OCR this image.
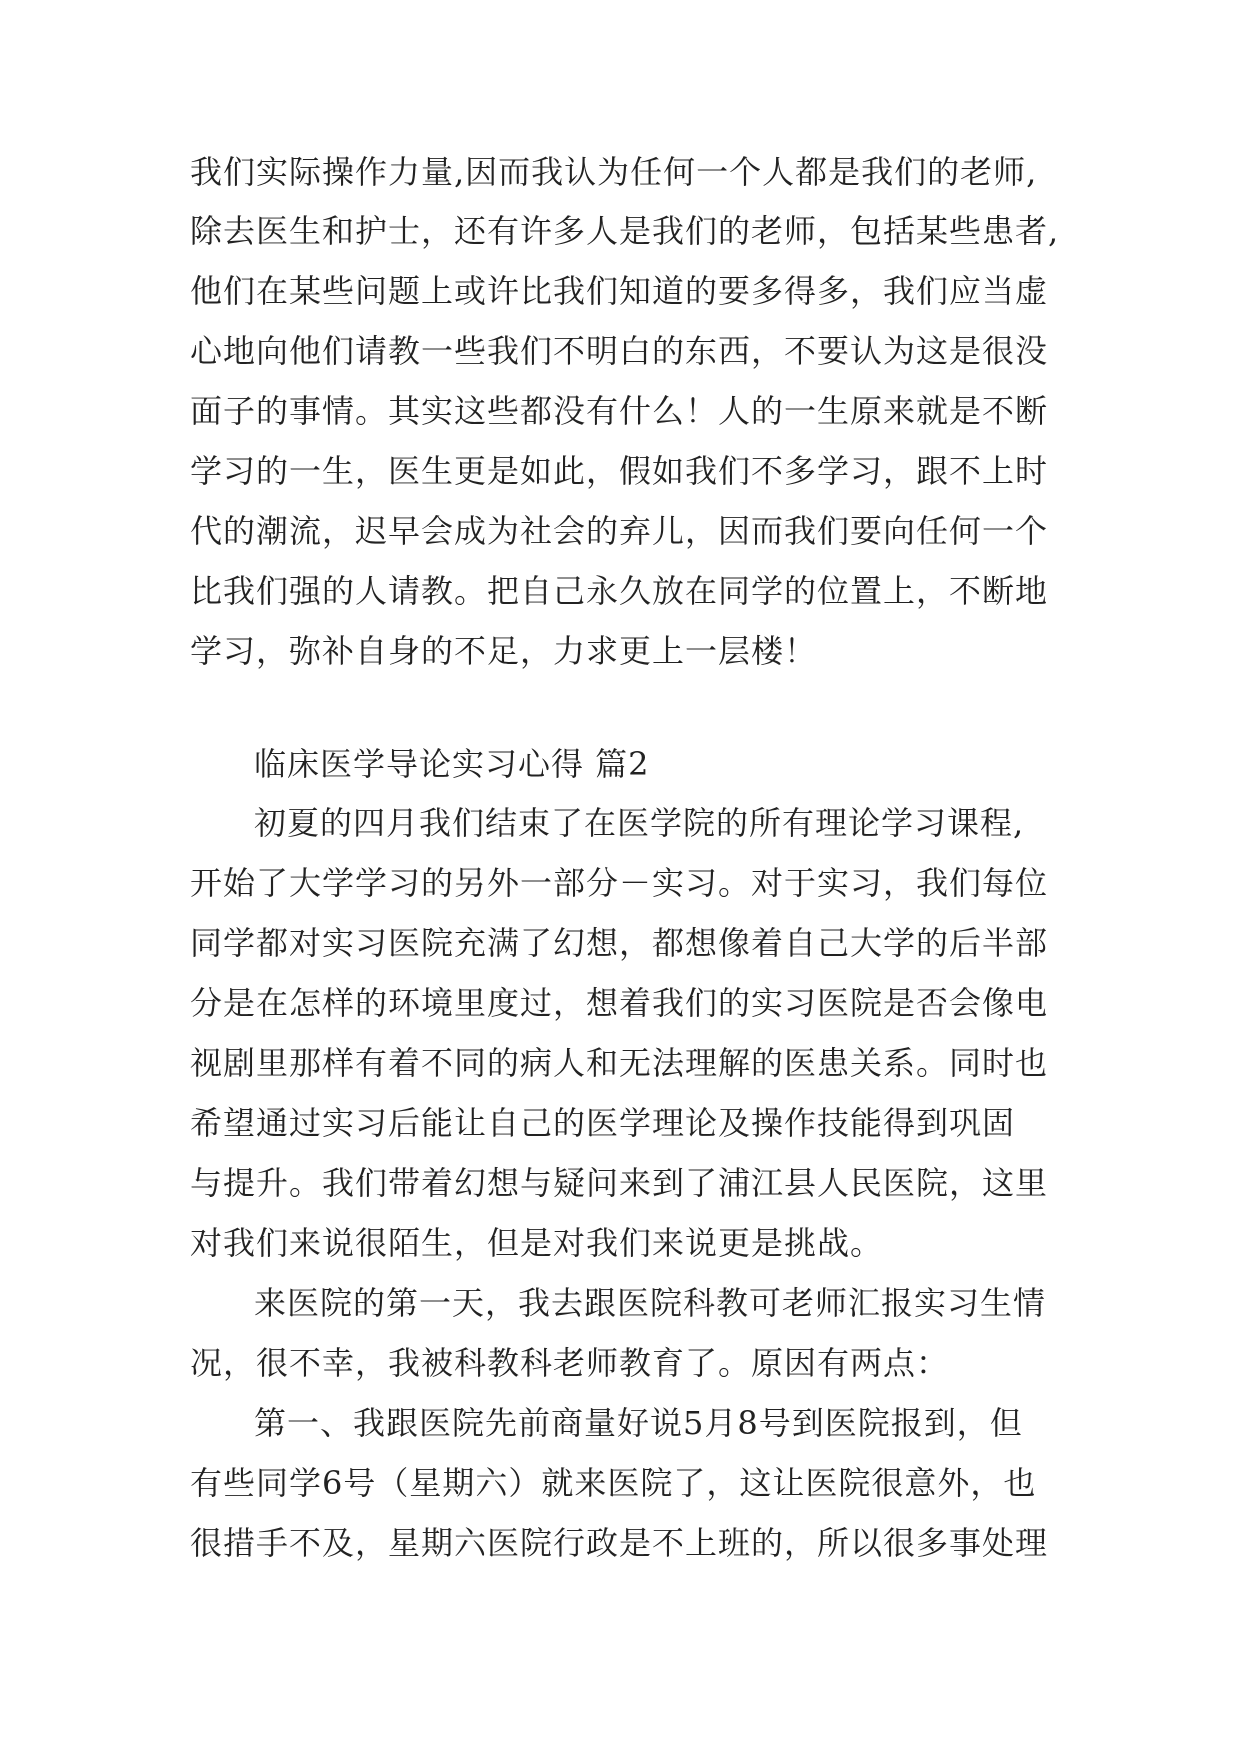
我们实际操作力量,因而我认为任何一个人都是我们的老师,
除去医生和护士，还有许多人是我们的老师，包括某些患者,
他们在某些问题上或许比我们知道的要多得多，我们应当虚
心地向他们请教一些我们不明白的东西，不要认为这是很没
面子的事情。其实这些都没有什么！人的一生原来就是不断
学习的一生，医生更是如此，假如我们不多学习，跟不上时
代的潮流，迟早会成为社会的弃儿，因而我们要向任何一个
比我们强的人请教。把自己永久放在同学的位置上，不断地
学习，弥补自身的不足，力求更上一层楼！
临床医学导论实习心得 篇2
初夏的四月我们结束了在医学院的所有理论学习课程,
开始了大学学习的另外一部分－实习。对于实习，我们每位
同学都对实习医院充满了幻想，都想像着自己大学的后半部
分是在怎样的环境里度过，想着我们的实习医院是否会像电
视剧里那样有着不同的病人和无法理解的医患关系。同时也
希望通过实习后能让自己的医学理论及操作技能得到巩固
与提升。我们带着幻想与疑问来到了浦江县人民医院，这里
对我们来说很陌生，但是对我们来说更是挑战。
来医院的第一天，我去跟医院科教可老师汇报实习生情
况，很不幸，我被科教科老师教育了。原因有两点：
第一、我跟医院先前商量好说5月8号到医院报到，但
有些同学6号（星期六）就来医院了，这让医院很意外，也
很措手不及，星期六医院行政是不上班的，所以很多事处理
